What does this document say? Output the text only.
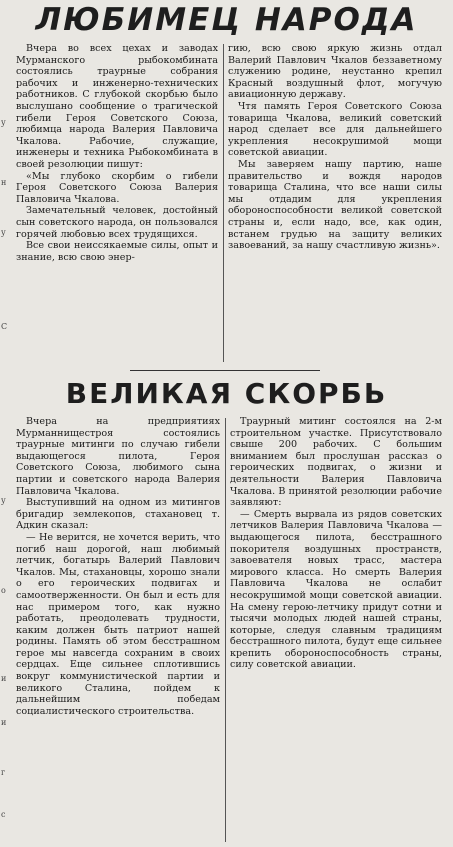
ЛЮБИМЕЦ НАРОДА

Вчера во всех цехах и заводах Мурманского рыбокомбината состоялись траурные собрания рабочих и инженерно-технических работников. С глубокой скорбью было выслушано сообщение о трагической гибели Героя Советского Союза, любимца народа Валерия Павловича Чкалова. Рабочие, служащие, инженеры и техника Рыбокомбината в своей резолюции пишут:

«Мы глубоко скорбим о гибели Героя Советского Союза Валерия Павловича Чкалова.

Замечательный человек, достойный сын советского народа, он пользовался горячей любовью всех трудящихся.

Все свои неиссякаемые силы, опыт и знание, всю свою энер-

гию, всю свою яркую жизнь отдал Валерий Павлович Чкалов беззаветному служению родине, неустанно крепил Красный воздушный флот, могучую авиационную державу.

Чтя память Героя Советского Союза товарища Чкалова, великий советский народ сделает все для дальнейшего укрепления несокрушимой мощи советской авиации.

Мы заверяем нашу партию, наше правительство и вождя народов товарища Сталина, что все наши силы мы отдадим для укрепления обороноспособности великой советской страны и, если надо, все, как один, встанем грудью на защиту великих завоеваний, за нашу счастливую жизнь».

ВЕЛИКАЯ СКОРБЬ

Вчера на предприятиях Мурманнищестроя состоялись траурные митинги по случаю гибели выдающегося пилота, Героя Советского Союза, любимого сына партии и советского народа Валерия Павловича Чкалова.

Выступивший на одном из митингов бригадир землекопов, стахановец т. Адкин сказал:

— Не верится, не хочется верить, что погиб наш дорогой, наш любимый летчик, богатырь Валерий Павлович Чкалов. Мы, стахановцы, хорошо знали о его героических подвигах и самоотверженности. Он был и есть для нас примером того, как нужно работать, преодолевать трудности, каким должен быть патриот нашей родины. Память об этом бесстрашном герое мы навсегда сохраним в своих сердцах. Еще сильнее сплотившись вокруг коммунистической партии и великого Сталина, пойдем к дальнейшим победам социалистического строительства.

Траурный митинг состоялся на 2-м строительном участке. Присутствовало свыше 200 рабочих. С большим вниманием был прослушан рассказ о героических подвигах, о жизни и деятельности Валерия Павловича Чкалова. В принятой резолюции рабочие заявляют:

— Смерть вырвала из рядов советских летчиков Валерия Павловича Чкалова — выдающегося пилота, бесстрашного покорителя воздушных пространств, завоевателя новых трасс, мастера мирового класса. Но смерть Валерия Павловича Чкалова не ослабит несокрушимой мощи советской авиации. На смену герою-летчику придут сотни и тысячи молодых людей нашей страны, которые, следуя славным традициям бесстрашного пилота, будут еще сильнее крепить обороноспособность страны, силу советской авиации.

у
н
у
С
у
о
и
и
г
с
